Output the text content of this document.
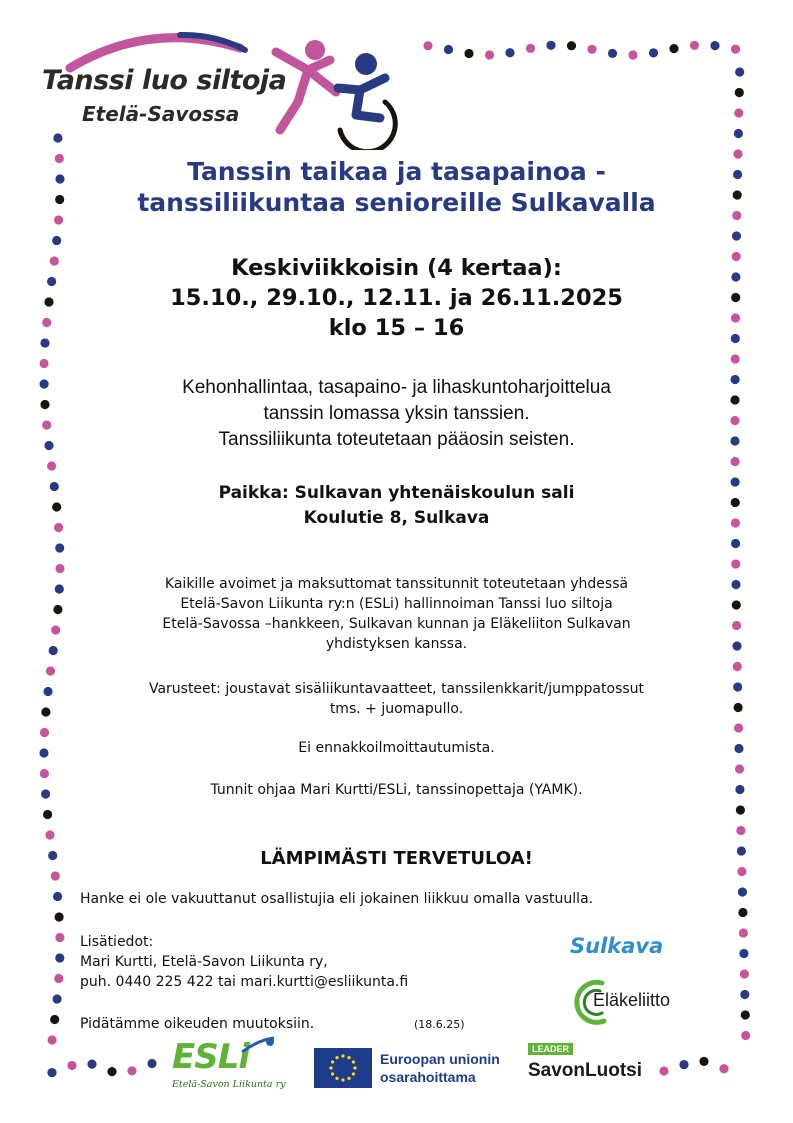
Tanssi luo siltoja
Etelä-Savossa
Tanssin taikaa ja tasapainoa -
tanssiliikuntaa senioreille Sulkavalla
Keskiviikkoisin (4 kertaa):
15.10., 29.10., 12.11. ja 26.11.2025
klo 15 – 16
Kehonhallintaa, tasapaino- ja lihaskuntoharjoittelua
tanssin lomassa yksin tanssien.
Tanssiliikunta toteutetaan pääosin seisten.
Paikka: Sulkavan yhtenäiskoulun sali
Koulutie 8, Sulkava
Kaikille avoimet ja maksuttomat tanssitunnit toteutetaan yhdessä
Etelä-Savon Liikunta ry:n (ESLi) hallinnoiman Tanssi luo siltoja
Etelä-Savossa –hankkeen, Sulkavan kunnan ja Eläkeliiton Sulkavan
yhdistyksen kanssa.
Varusteet: joustavat sisäliikuntavaatteet, tanssilenkkarit/jumppatossut
tms. + juomapullo.
Ei ennakkoilmoittautumista.
Tunnit ohjaa Mari Kurtti/ESLi, tanssinopettaja (YAMK).
LÄMPIMÄSTI TERVETULOA!
Hanke ei ole vakuuttanut osallistujia eli jokainen liikkuu omalla vastuulla.
Lisätiedot:
Mari Kurtti, Etelä-Savon Liikunta ry,
puh. 0440 225 422 tai mari.kurtti@esliikunta.fi
Pidätämme oikeuden muutoksiin.	(18.6.25)
Sulkava
Eläkeliitto
ESLi
Etelä-Savon Liikunta ry
Euroopan unionin
osarahoittama
LEADER
SavonLuotsi
